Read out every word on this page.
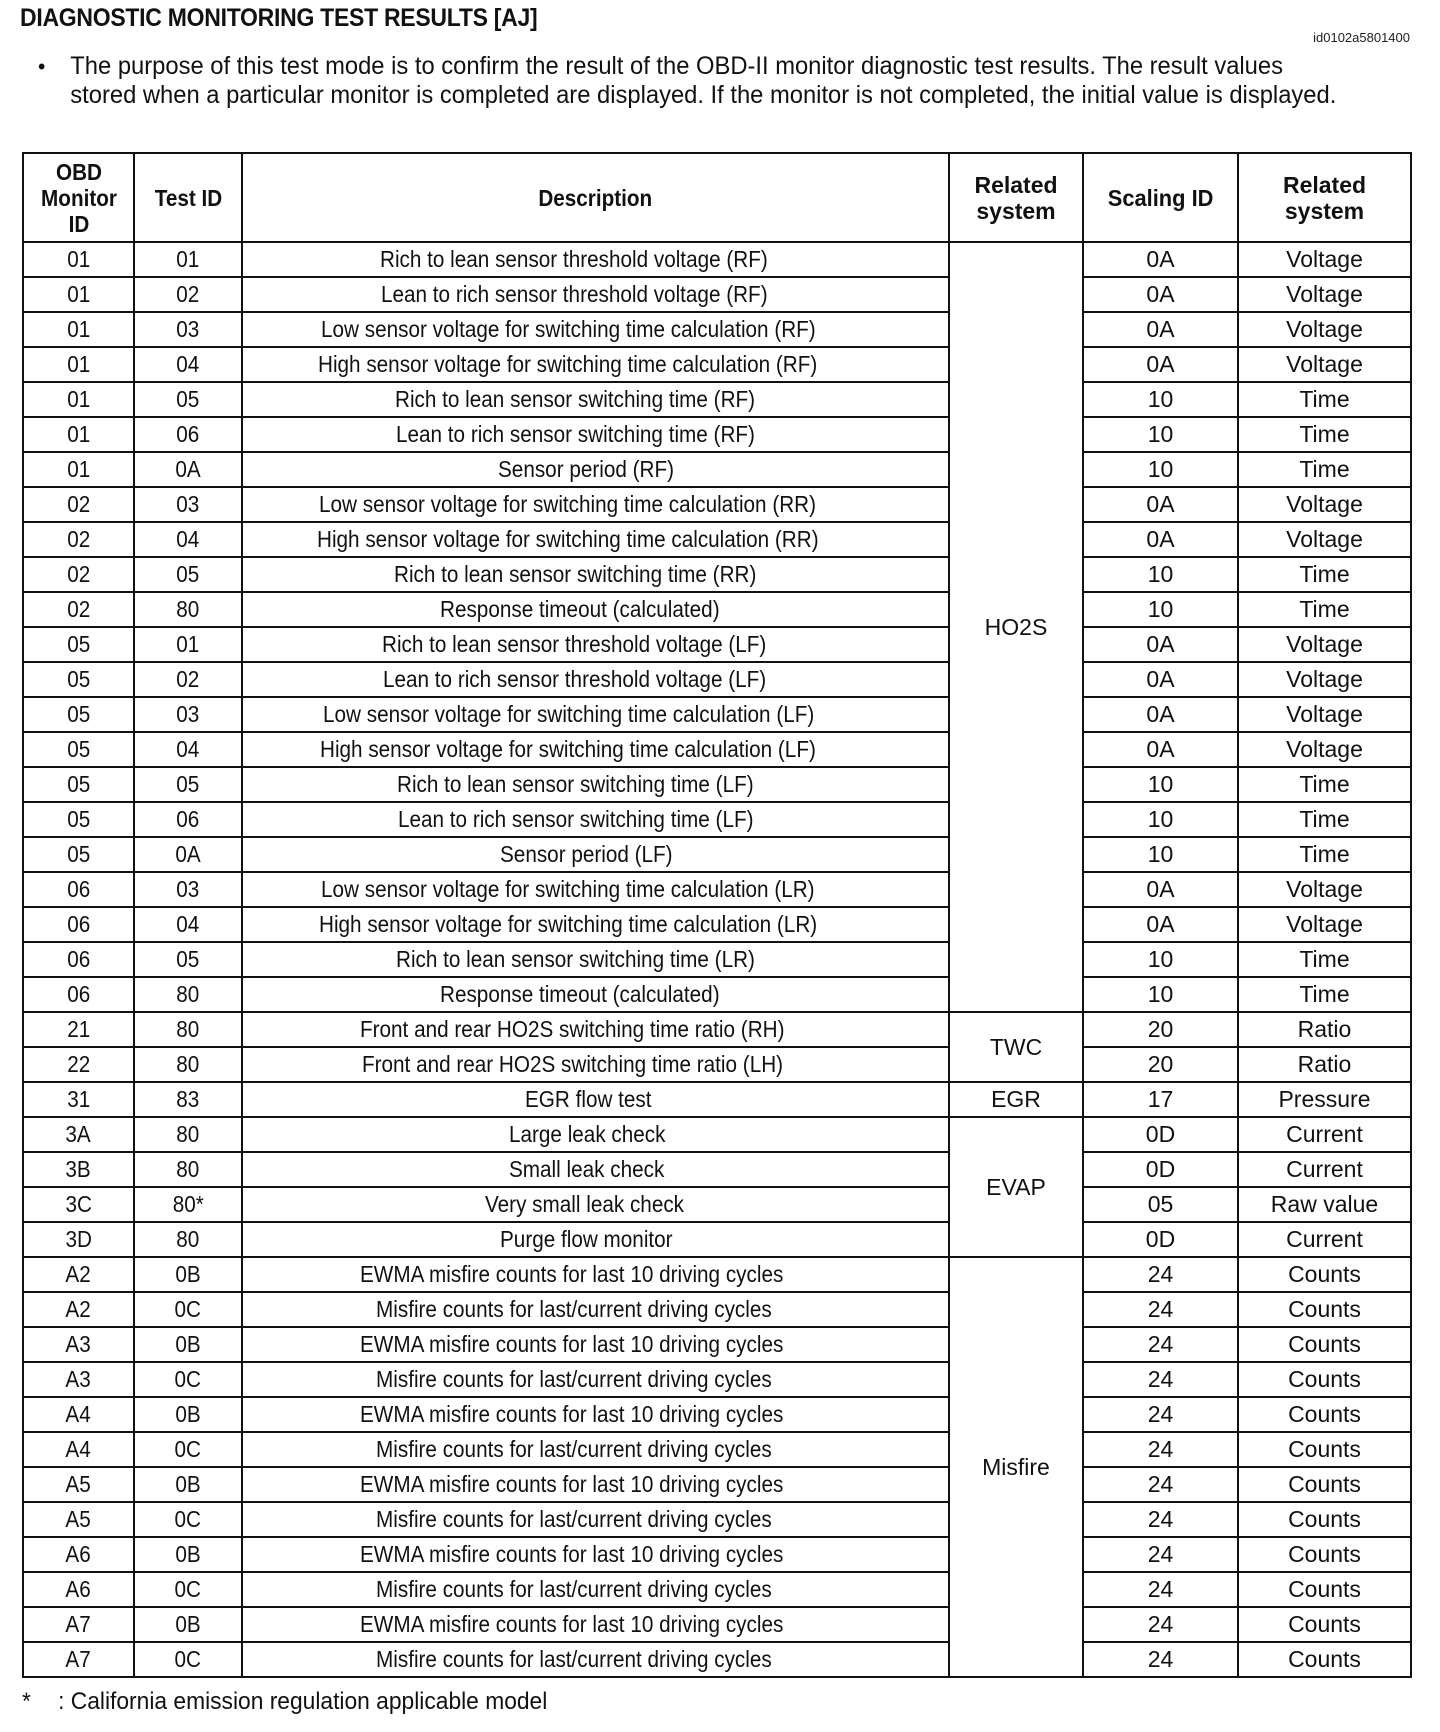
DIAGNOSTIC MONITORING TEST RESULTS [AJ]
id0102a5801400
• The purpose of this test mode is to confirm the result of the OBD-II monitor diagnostic test results. The result values stored when a particular monitor is completed are displayed. If the monitor is not completed, the initial value is displayed.
OBD Monitor ID	Test ID	Description	Related system	Scaling ID	Related system
01	01	Rich to lean sensor threshold voltage (RF)	HO2S	0A	Voltage
01	02	Lean to rich sensor threshold voltage (RF)		0A	Voltage
01	03	Low sensor voltage for switching time calculation (RF)		0A	Voltage
01	04	High sensor voltage for switching time calculation (RF)		0A	Voltage
01	05	Rich to lean sensor switching time (RF)		10	Time
01	06	Lean to rich sensor switching time (RF)		10	Time
01	0A	Sensor period (RF)		10	Time
02	03	Low sensor voltage for switching time calculation (RR)		0A	Voltage
02	04	High sensor voltage for switching time calculation (RR)		0A	Voltage
02	05	Rich to lean sensor switching time (RR)		10	Time
02	80	Response timeout (calculated)		10	Time
05	01	Rich to lean sensor threshold voltage (LF)		0A	Voltage
05	02	Lean to rich sensor threshold voltage (LF)		0A	Voltage
05	03	Low sensor voltage for switching time calculation (LF)		0A	Voltage
05	04	High sensor voltage for switching time calculation (LF)		0A	Voltage
05	05	Rich to lean sensor switching time (LF)		10	Time
05	06	Lean to rich sensor switching time (LF)		10	Time
05	0A	Sensor period (LF)		10	Time
06	03	Low sensor voltage for switching time calculation (LR)		0A	Voltage
06	04	High sensor voltage for switching time calculation (LR)		0A	Voltage
06	05	Rich to lean sensor switching time (LR)		10	Time
06	80	Response timeout (calculated)		10	Time
21	80	Front and rear HO2S switching time ratio (RH)	TWC	20	Ratio
22	80	Front and rear HO2S switching time ratio (LH)		20	Ratio
31	83	EGR flow test	EGR	17	Pressure
3A	80	Large leak check	EVAP	0D	Current
3B	80	Small leak check		0D	Current
3C	80*	Very small leak check		05	Raw value
3D	80	Purge flow monitor		0D	Current
A2	0B	EWMA misfire counts for last 10 driving cycles	Misfire	24	Counts
A2	0C	Misfire counts for last/current driving cycles		24	Counts
A3	0B	EWMA misfire counts for last 10 driving cycles		24	Counts
A3	0C	Misfire counts for last/current driving cycles		24	Counts
A4	0B	EWMA misfire counts for last 10 driving cycles		24	Counts
A4	0C	Misfire counts for last/current driving cycles		24	Counts
A5	0B	EWMA misfire counts for last 10 driving cycles		24	Counts
A5	0C	Misfire counts for last/current driving cycles		24	Counts
A6	0B	EWMA misfire counts for last 10 driving cycles		24	Counts
A6	0C	Misfire counts for last/current driving cycles		24	Counts
A7	0B	EWMA misfire counts for last 10 driving cycles		24	Counts
A7	0C	Misfire counts for last/current driving cycles		24	Counts
* : California emission regulation applicable model
